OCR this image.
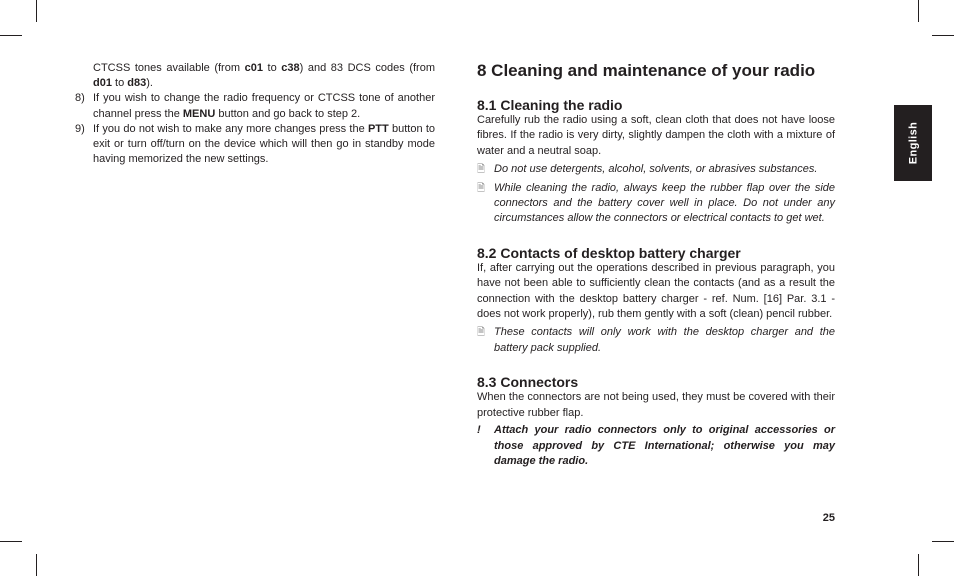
English

CTCSS tones available (from c01 to c38) and 83 DCS codes (from d01 to d83).

8) If you wish to change the radio frequency or CTCSS tone of another channel press the MENU button and go back to step 2.
9) If you do not wish to make any more changes press the PTT button to exit or turn off/turn on the device which will then go in standby mode having memorized the new settings.
8 Cleaning and maintenance of your radio
8.1 Cleaning the radio

Carefully rub the radio using a soft, clean cloth that does not have loose fibres. If the radio is very dirty, slightly dampen the cloth with a mixture of water and a neutral soap.

🗎 Do not use detergents, alcohol, solvents, or abrasives substances.
🗎 While cleaning the radio, always keep the rubber flap over the side connectors and the battery cover well in place. Do not under any circumstances allow the connectors or electrical contacts to get wet.
8.2 Contacts of desktop battery charger

If, after carrying out the operations described in previous paragraph, you have not been able to sufficiently clean the contacts (and as a result the connection with the desktop battery charger - ref. Num. [16] Par. 3.1 - does not work properly), rub them gently with a soft (clean) pencil rubber.

🗎 These contacts will only work with the desktop charger and the battery pack supplied.
8.3 Connectors

When the connectors are not being used, they must be covered with their protective rubber flap.

!	Attach your radio connectors only to original accessories or those approved by CTE International; otherwise you may damage the radio.
25
